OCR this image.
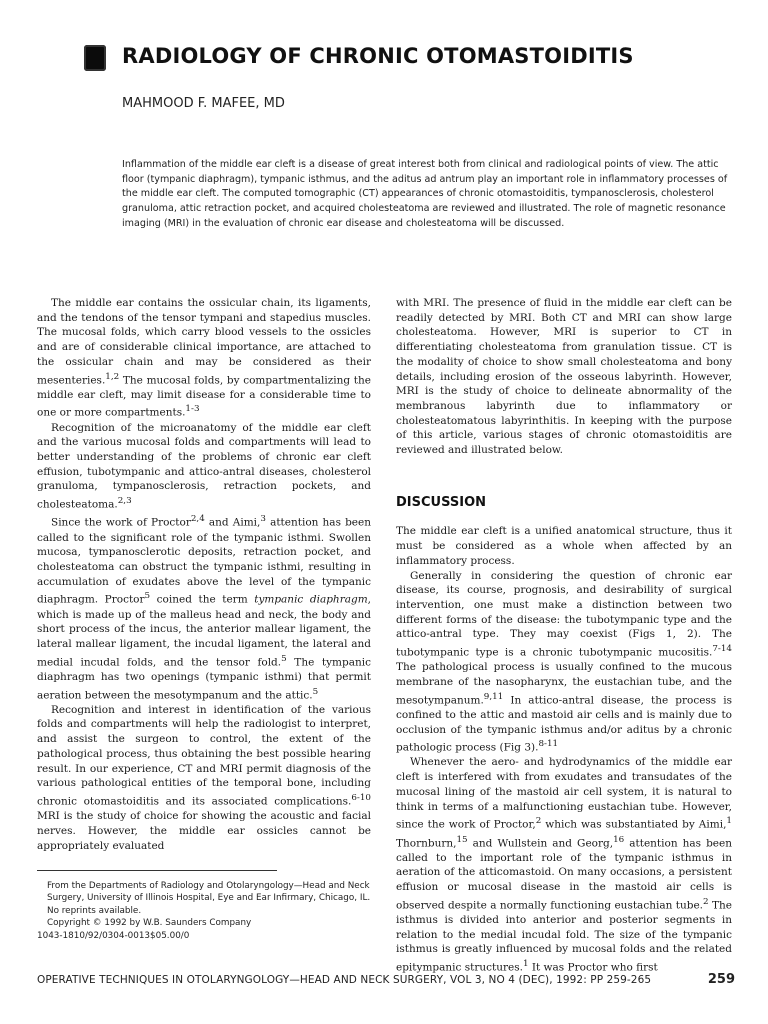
RADIOLOGY OF CHRONIC OTOMASTOIDITIS
MAHMOOD F. MAFEE, MD

Inflammation of the middle ear cleft is a disease of great interest both from clinical and radiological points of view. The attic floor (tympanic diaphragm), tympanic isthmus, and the aditus ad antrum play an important role in inflammatory processes of the middle ear cleft. The computed tomographic (CT) appearances of chronic otomastoiditis, tympanosclerosis, cholesterol granuloma, attic retraction pocket, and acquired cholesteatoma are reviewed and illustrated. The role of magnetic resonance imaging (MRI) in the evaluation of chronic ear disease and cholesteatoma will be discussed.

The middle ear contains the ossicular chain, its ligaments, and the tendons of the tensor tympani and stapedius muscles. The mucosal folds, which carry blood vessels to the ossicles and are of considerable clinical importance, are attached to the ossicular chain and may be considered as their mesenteries.$^{1,2}$ The mucosal folds, by compartmentalizing the middle ear cleft, may limit disease for a considerable time to one or more compartments.$^{1-3}$

Recognition of the microanatomy of the middle ear cleft and the various mucosal folds and compartments will lead to better understanding of the problems of chronic ear cleft effusion, tubotympanic and attico-antral diseases, cholesterol granuloma, tympanosclerosis, retraction pockets, and cholesteatoma.$^{2,3}$

Since the work of Proctor$^{2,4}$ and Aimi,$^3$ attention has been called to the significant role of the tympanic isthmi. Swollen mucosa, tympanosclerotic deposits, retraction pocket, and cholesteatoma can obstruct the tympanic isthmi, resulting in accumulation of exudates above the level of the tympanic diaphragm. Proctor$^5$ coined the term tympanic diaphragm, which is made up of the malleus head and neck, the body and short process of the incus, the anterior mallear ligament, the lateral mallear ligament, the incudal ligament, the lateral and medial incudal folds, and the tensor fold.$^5$ The tympanic diaphragm has two openings (tympanic isthmi) that permit aeration between the mesotympanum and the attic.$^5$

Recognition and interest in identification of the various folds and compartments will help the radiologist to interpret, and assist the surgeon to control, the extent of the pathological process, thus obtaining the best possible hearing result. In our experience, CT and MRI permit diagnosis of the various pathological entities of the temporal bone, including chronic otomastoiditis and its associated complications.$^{6-10}$ MRI is the study of choice for showing the acoustic and facial nerves. However, the middle ear ossicles cannot be appropriately evaluated

with MRI. The presence of fluid in the middle ear cleft can be readily detected by MRI. Both CT and MRI can show large cholesteatoma. However, MRI is superior to CT in differentiating cholesteatoma from granulation tissue. CT is the modality of choice to show small cholesteatoma and bony details, including erosion of the osseous labyrinth. However, MRI is the study of choice to delineate abnormality of the membranous labyrinth due to inflammatory or cholesteatomatous labyrinthitis. In keeping with the purpose of this article, various stages of chronic otomastoiditis are reviewed and illustrated below.

DISCUSSION

The middle ear cleft is a unified anatomical structure, thus it must be considered as a whole when affected by an inflammatory process.

Generally in considering the question of chronic ear disease, its course, prognosis, and desirability of surgical intervention, one must make a distinction between two different forms of the disease: the tubotympanic type and the attico-antral type. They may coexist (Figs 1, 2). The tubotympanic type is a chronic tubotympanic mucositis.$^{7-14}$ The pathological process is usually confined to the mucous membrane of the nasopharynx, the eustachian tube, and the mesotympanum.$^{9,11}$ In attico-antral disease, the process is confined to the attic and mastoid air cells and is mainly due to occlusion of the tympanic isthmus and/or aditus by a chronic pathologic process (Fig 3).$^{8-11}$

Whenever the aero- and hydrodynamics of the middle ear cleft is interfered with from exudates and transudates of the mucosal lining of the mastoid air cell system, it is natural to think in terms of a malfunctioning eustachian tube. However, since the work of Proctor,$^2$ which was substantiated by Aimi,$^1$ Thornburn,$^{15}$ and Wullstein and Georg,$^{16}$ attention has been called to the important role of the tympanic isthmus in aeration of the atticomastoid. On many occasions, a persistent effusion or mucosal disease in the mastoid air cells is observed despite a normally functioning eustachian tube.$^2$ The isthmus is divided into anterior and posterior segments in relation to the medial incudal fold. The size of the tympanic isthmus is greatly influenced by mucosal folds and the related epitympanic structures.$^1$ It was Proctor who first

From the Departments of Radiology and Otolaryngology—Head and Neck Surgery, University of Illinois Hospital, Eye and Ear Infirmary, Chicago, IL.
No reprints available.
Copyright © 1992 by W.B. Saunders Company
1043-1810/92/0304-0013$05.00/0
OPERATIVE TECHNIQUES IN OTOLARYNGOLOGY—HEAD AND NECK SURGERY, VOL 3, NO 4 (DEC), 1992: PP 259-265	259
